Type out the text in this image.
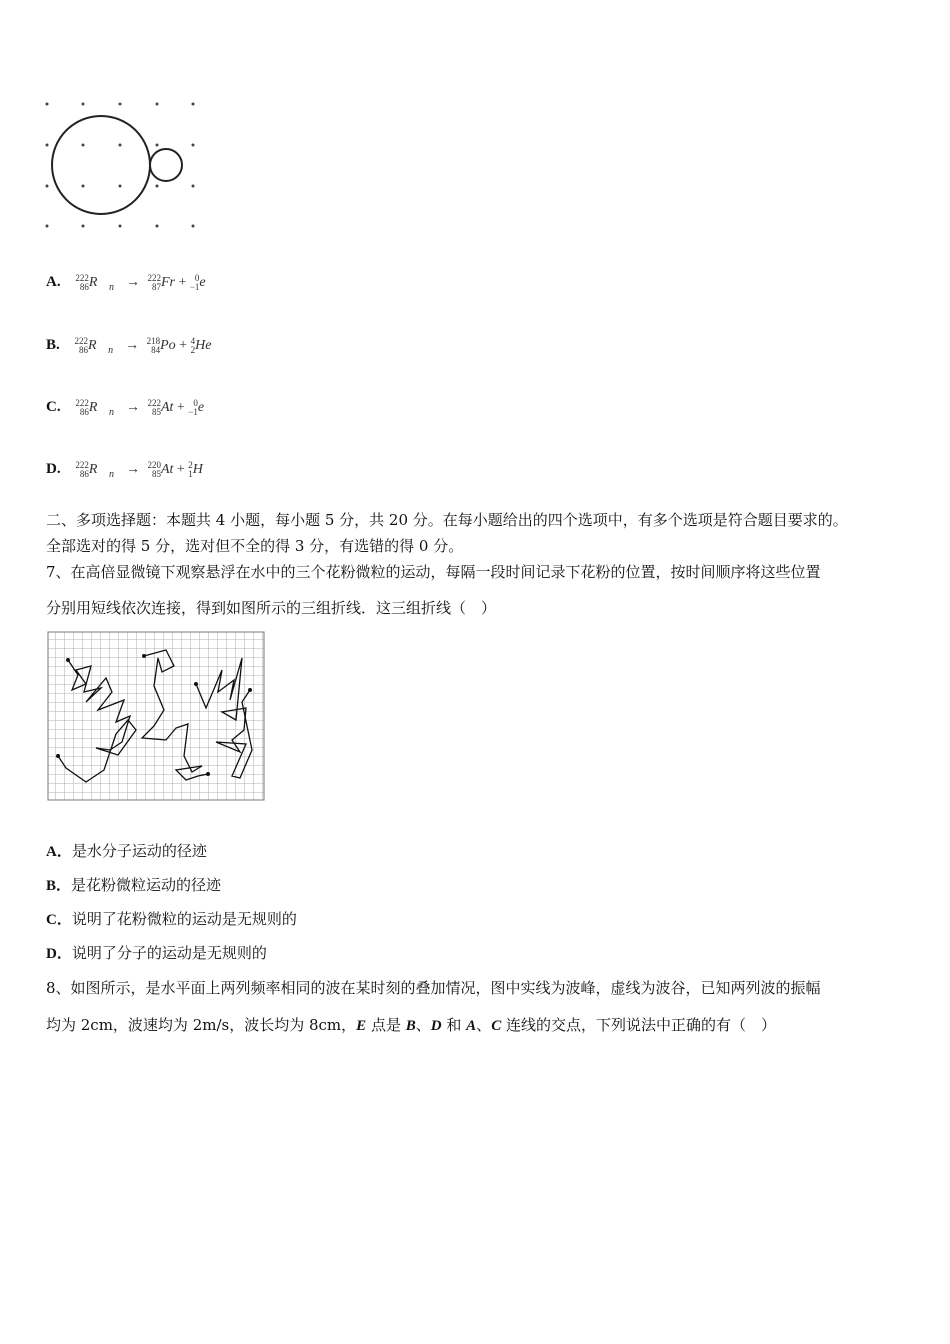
A. 222
86 R $_n$ → 222
87 Fr + 0
−1 e
B. 222
86 R $_n$ → 218
84 Po + 4
2 He
C. 222
86 R $_n$ → 222
85 At + 0
−1 e
D. 222
86 R $_n$ → 220
85 At + 2
1 H
二、多项选择题：本题共 4 小题，每小题 5 分，共 20 分。在每小题给出的四个选项中，有多个选项是符合题目要求的。
全部选对的得 5 分，选对但不全的得 3 分，有选错的得 0 分。
7、在高倍显微镜下观察悬浮在水中的三个花粉微粒的运动，每隔一段时间记录下花粉的位置，按时间顺序将这些位置
分别用短线依次连接，得到如图所示的三组折线．这三组折线（　）
A．是水分子运动的径迹
B．是花粉微粒运动的径迹
C．说明了花粉微粒的运动是无规则的
D．说明了分子的运动是无规则的
8、如图所示，是水平面上两列频率相同的波在某时刻的叠加情况，图中实线为波峰，虚线为波谷，已知两列波的振幅
均为 2cm，波速均为 2m/s，波长均为 8cm，E 点是 B、D 和 A、C 连线的交点，下列说法中正确的有（　）
